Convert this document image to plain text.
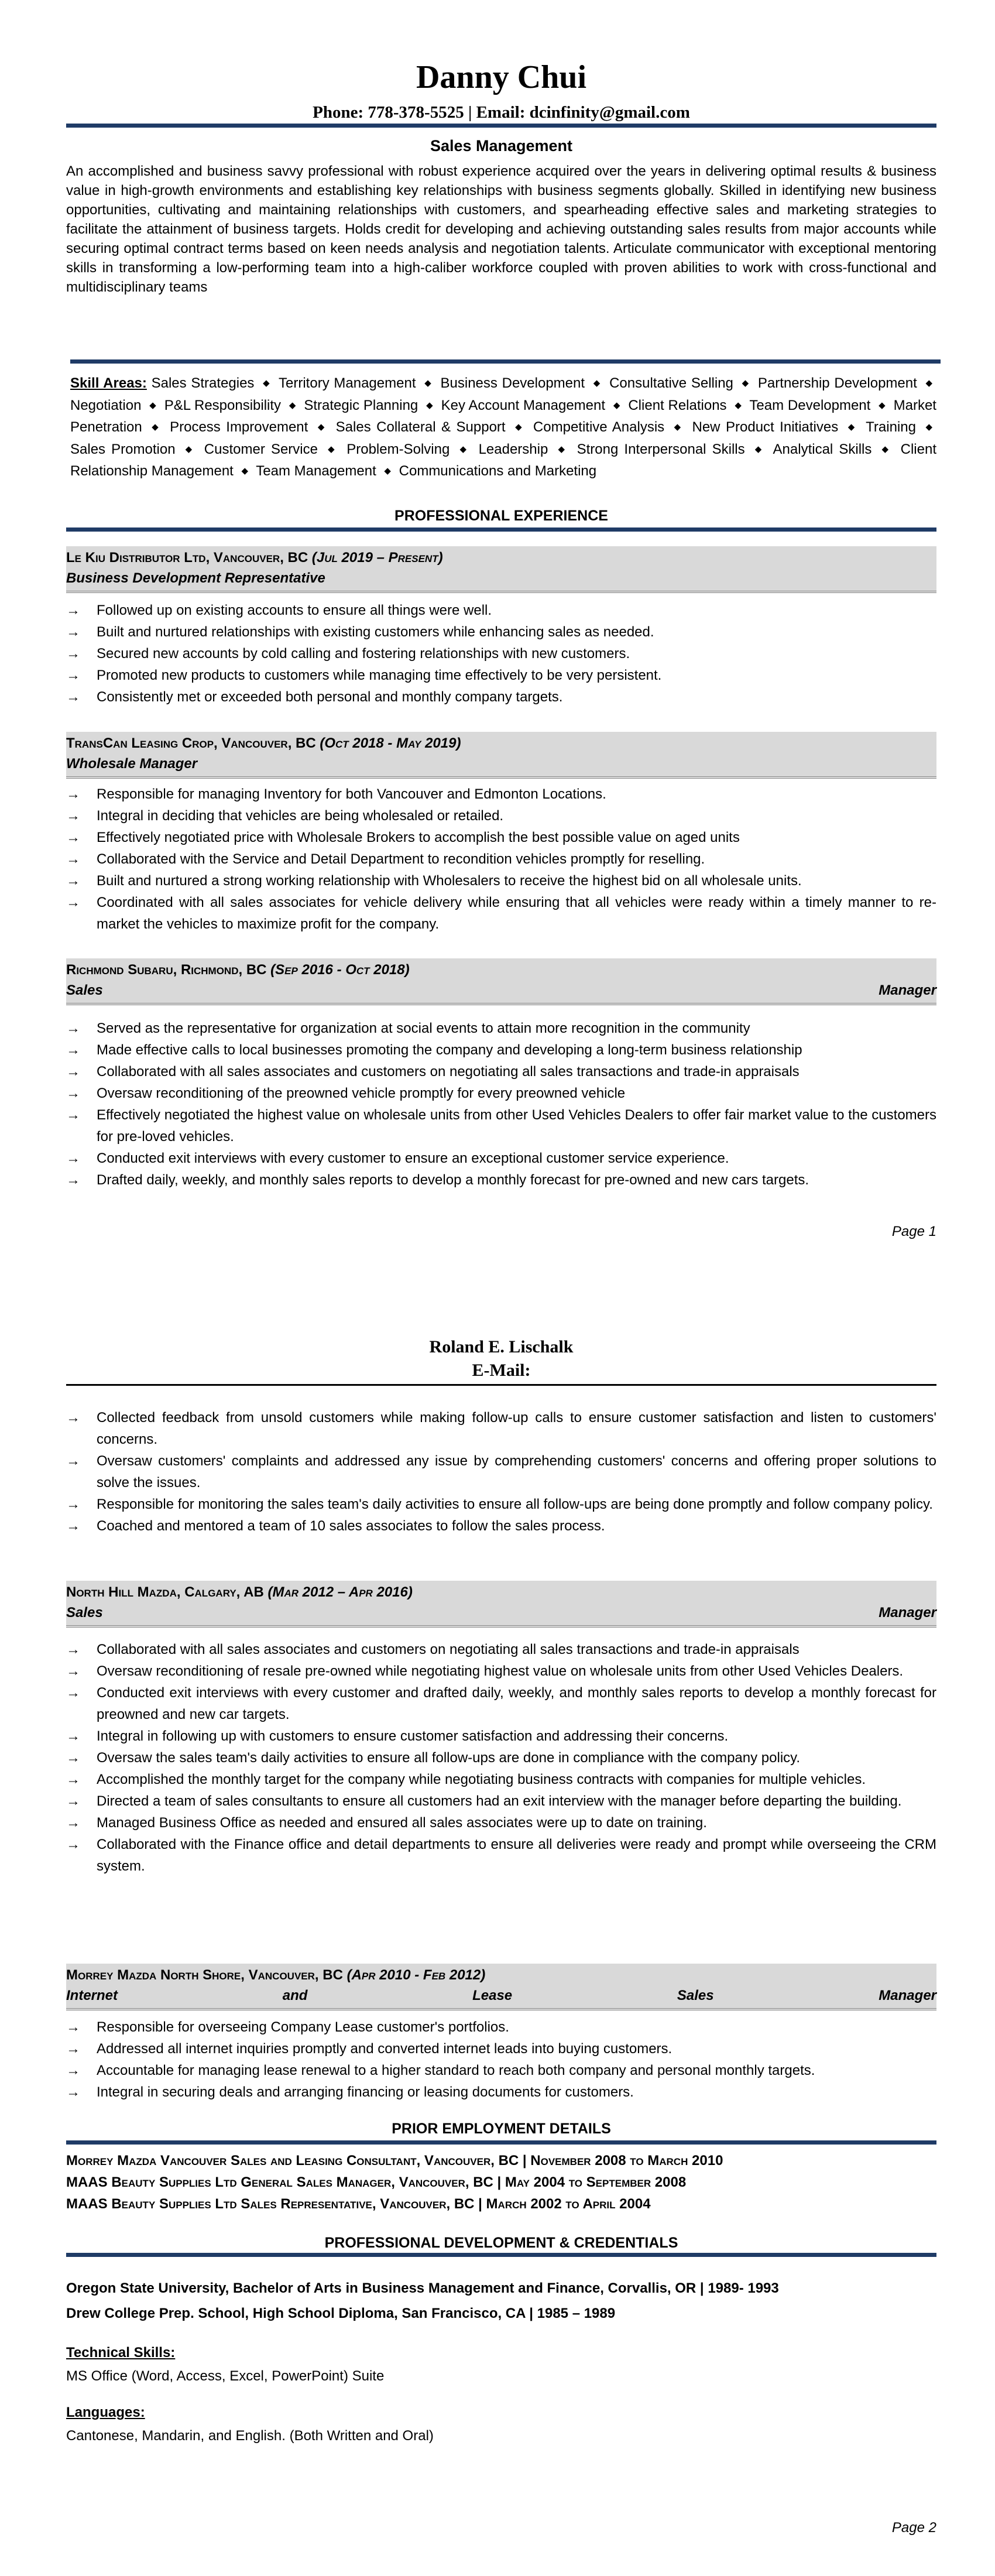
Danny Chui
Phone: 778-378-5525 | Email: dcinfinity@gmail.com
Sales Management
An accomplished and business savvy professional with robust experience acquired over the years in delivering optimal results & business value in high-growth environments and establishing key relationships with business segments globally. Skilled in identifying new business opportunities, cultivating and maintaining relationships with customers, and spearheading effective sales and marketing strategies to facilitate the attainment of business targets. Holds credit for developing and achieving outstanding sales results from major accounts while securing optimal contract terms based on keen needs analysis and negotiation talents. Articulate communicator with exceptional mentoring skills in transforming a low-performing team into a high-caliber workforce coupled with proven abilities to work with cross-functional and multidisciplinary teams
Skill Areas: Sales Strategies ◆ Territory Management ◆ Business Development ◆ Consultative Selling ◆ Partnership Development ◆ Negotiation ◆ P&L Responsibility ◆ Strategic Planning ◆ Key Account Management ◆ Client Relations ◆ Team Development ◆ Market Penetration ◆ Process Improvement ◆ Sales Collateral & Support ◆ Competitive Analysis ◆ New Product Initiatives ◆ Training ◆ Sales Promotion ◆ Customer Service ◆ Problem-Solving ◆ Leadership ◆ Strong Interpersonal Skills ◆ Analytical Skills ◆ Client Relationship Management ◆ Team Management ◆ Communications and Marketing
PROFESSIONAL EXPERIENCE
Le Kiu Distributor Ltd, Vancouver, BC (Jul 2019 – Present)
Business Development Representative
→ Followed up on existing accounts to ensure all things were well.
→ Built and nurtured relationships with existing customers while enhancing sales as needed.
→ Secured new accounts by cold calling and fostering relationships with new customers.
→ Promoted new products to customers while managing time effectively to be very persistent.
→ Consistently met or exceeded both personal and monthly company targets.
TransCan Leasing Crop, Vancouver, BC (Oct 2018 - May 2019)
Wholesale Manager
→ Responsible for managing Inventory for both Vancouver and Edmonton Locations.
→ Integral in deciding that vehicles are being wholesaled or retailed.
→ Effectively negotiated price with Wholesale Brokers to accomplish the best possible value on aged units
→ Collaborated with the Service and Detail Department to recondition vehicles promptly for reselling.
→ Built and nurtured a strong working relationship with Wholesalers to receive the highest bid on all wholesale units.
→ Coordinated with all sales associates for vehicle delivery while ensuring that all vehicles were ready within a timely manner to re-market the vehicles to maximize profit for the company.
Richmond Subaru, Richmond, BC (Sep 2016 - Oct 2018)
Sales Manager
→ Served as the representative for organization at social events to attain more recognition in the community
→ Made effective calls to local businesses promoting the company and developing a long-term business relationship
→ Collaborated with all sales associates and customers on negotiating all sales transactions and trade-in appraisals
→ Oversaw reconditioning of the preowned vehicle promptly for every preowned vehicle
→ Effectively negotiated the highest value on wholesale units from other Used Vehicles Dealers to offer fair market value to the customers for pre-loved vehicles.
→ Conducted exit interviews with every customer to ensure an exceptional customer service experience.
→ Drafted daily, weekly, and monthly sales reports to develop a monthly forecast for pre-owned and new cars targets.
Page 1
Roland E. Lischalk
E-Mail:
→ Collected feedback from unsold customers while making follow-up calls to ensure customer satisfaction and listen to customers' concerns.
→ Oversaw customers' complaints and addressed any issue by comprehending customers' concerns and offering proper solutions to solve the issues.
→ Responsible for monitoring the sales team's daily activities to ensure all follow-ups are being done promptly and follow company policy.
→ Coached and mentored a team of 10 sales associates to follow the sales process.
North Hill Mazda, Calgary, AB (Mar 2012 – Apr 2016)
Sales Manager
→ Collaborated with all sales associates and customers on negotiating all sales transactions and trade-in appraisals
→ Oversaw reconditioning of resale pre-owned while negotiating highest value on wholesale units from other Used Vehicles Dealers.
→ Conducted exit interviews with every customer and drafted daily, weekly, and monthly sales reports to develop a monthly forecast for preowned and new car targets.
→ Integral in following up with customers to ensure customer satisfaction and addressing their concerns.
→ Oversaw the sales team's daily activities to ensure all follow-ups are done in compliance with the company policy.
→ Accomplished the monthly target for the company while negotiating business contracts with companies for multiple vehicles.
→ Directed a team of sales consultants to ensure all customers had an exit interview with the manager before departing the building.
→ Managed Business Office as needed and ensured all sales associates were up to date on training.
→ Collaborated with the Finance office and detail departments to ensure all deliveries were ready and prompt while overseeing the CRM system.
Morrey Mazda North Shore, Vancouver, BC (Apr 2010 - Feb 2012)
Internet and Lease Sales Manager
→ Responsible for overseeing Company Lease customer's portfolios.
→ Addressed all internet inquiries promptly and converted internet leads into buying customers.
→ Accountable for managing lease renewal to a higher standard to reach both company and personal monthly targets.
→ Integral in securing deals and arranging financing or leasing documents for customers.
PRIOR EMPLOYMENT DETAILS
Morrey Mazda Vancouver Sales and Leasing Consultant, Vancouver, BC | November 2008 to March 2010
MAAS Beauty Supplies Ltd General Sales Manager, Vancouver, BC | May 2004 to September 2008
MAAS Beauty Supplies Ltd Sales Representative, Vancouver, BC | March 2002 to April 2004
PROFESSIONAL DEVELOPMENT & CREDENTIALS
Oregon State University, Bachelor of Arts in Business Management and Finance, Corvallis, OR | 1989- 1993
Drew College Prep. School, High School Diploma, San Francisco, CA | 1985 – 1989
Technical Skills:
MS Office (Word, Access, Excel, PowerPoint) Suite
Languages:
Cantonese, Mandarin, and English. (Both Written and Oral)
Page 2
